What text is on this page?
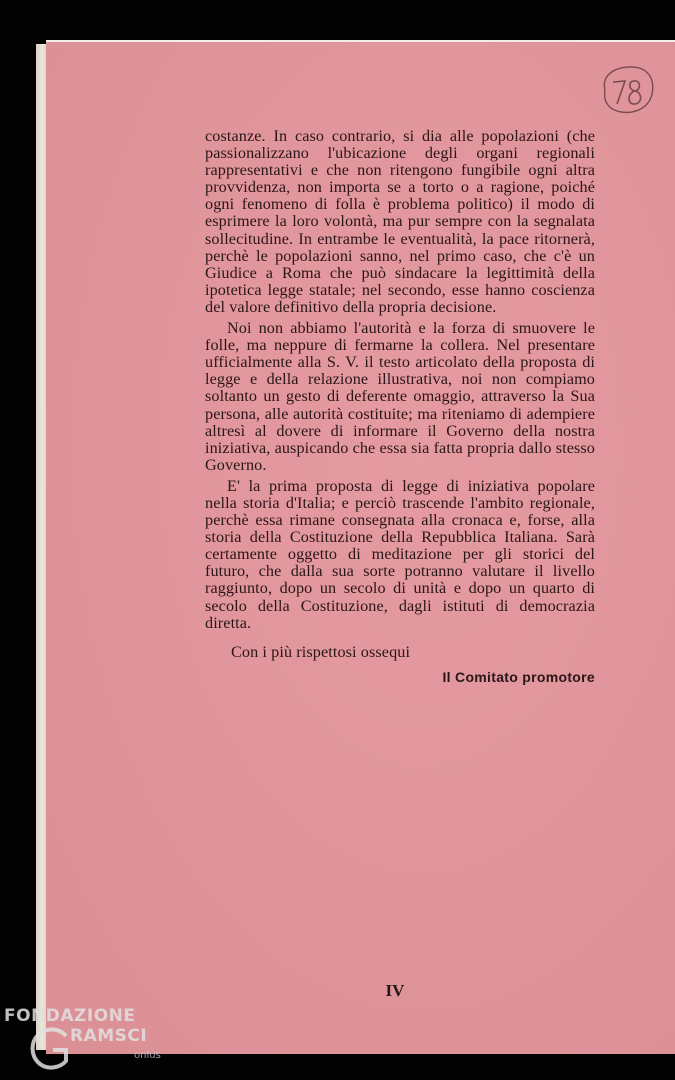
costanze. In caso contrario, si dia alle popolazioni (che passionalizzano l'ubicazione degli organi regionali rappresentativi e che non ritengono fungibile ogni altra provvidenza, non importa se a torto o a ragione, poiché ogni fenomeno di folla è problema politico) il modo di esprimere la loro volontà, ma pur sempre con la segnalata sollecitudine. In entrambe le eventualità, la pace ritornerà, perchè le popolazioni sanno, nel primo caso, che c'è un Giudice a Roma che può sindacare la legittimità della ipotetica legge statale; nel secondo, esse hanno coscienza del valore definitivo della propria decisione.

Noi non abbiamo l'autorità e la forza di smuovere le folle, ma neppure di fermarne la collera. Nel presentare ufficialmente alla S. V. il testo articolato della proposta di legge e della relazione illustrativa, noi non compiamo soltanto un gesto di deferente omaggio, attraverso la Sua persona, alle autorità costituite; ma riteniamo di adempiere altresì al dovere di informare il Governo della nostra iniziativa, auspicando che essa sia fatta propria dallo stesso Governo.

E' la prima proposta di legge di iniziativa popolare nella storia d'Italia; e perciò trascende l'ambito regionale, perchè essa rimane consegnata alla cronaca e, forse, alla storia della Costituzione della Repubblica Italiana. Sarà certamente oggetto di meditazione per gli storici del futuro, che dalla sua sorte potranno valutare il livello raggiunto, dopo un secolo di unità e dopo un quarto di secolo della Costituzione, dagli istituti di democrazia diretta.

Con i più rispettosi ossequi

Il Comitato promotore

IV
FONDAZIONE
RAMSCI
onlus
